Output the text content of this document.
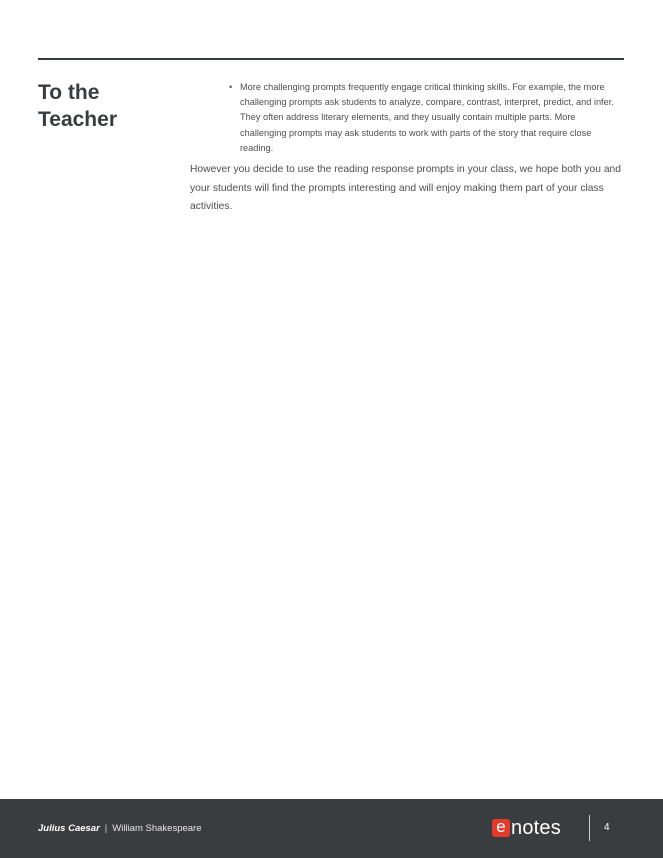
To the
Teacher
• More challenging prompts frequently engage critical thinking skills. For example, the more challenging prompts ask students to analyze, compare, contrast, interpret, predict, and infer. They often address literary elements, and they usually contain multiple parts. More challenging prompts may ask students to work with parts of the story that require close reading.

However you decide to use the reading response prompts in your class, we hope both you and your students will find the prompts interesting and will enjoy making them part of your class activities.

Julius Caesar | William Shakespeare	e notes	4
